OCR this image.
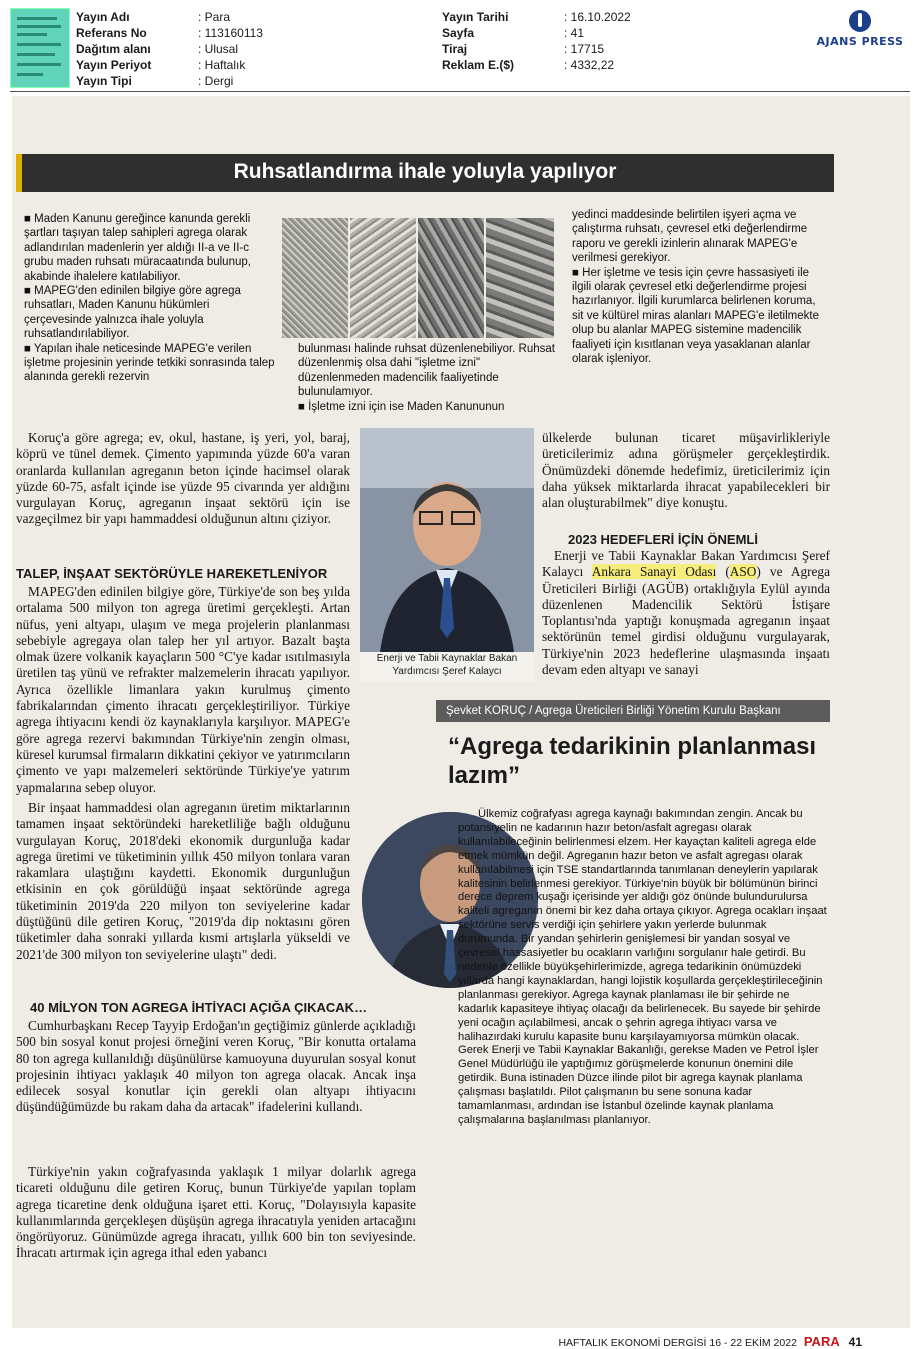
Yayın Adı	: Para
Referans No	: 113160113
Dağıtım alanı	: Ulusal
Yayın Periyot	: Haftalık
Yayın Tipi	: Dergi
Yayın Tarihi	: 16.10.2022
Sayfa	: 41
Tiraj	: 17715
Reklam E.($)	: 4332,22
AJANS PRESS
Ruhsatlandırma ihale yoluyla yapılıyor
■ Maden Kanunu gereğince kanunda gerekli şartları taşıyan talep sahipleri agrega olarak adlandırılan madenlerin yer aldığı II-a ve II-c grubu maden ruhsatı müracaatında bulunup, akabinde ihalelere katılabiliyor.
■ MAPEG'den edinilen bilgiye göre agrega ruhsatları, Maden Kanunu hükümleri çerçevesinde yalnızca ihale yoluyla ruhsatlandırılabiliyor.
■ Yapılan ihale neticesinde MAPEG'e verilen işletme projesinin yerinde tetkiki sonrasında talep alanında gerekli rezervin
bulunması halinde ruhsat düzenlenebiliyor. Ruhsat düzenlenmiş olsa dahi "işletme izni" düzenlenmeden madencilik faaliyetinde bulunulamıyor.
■ İşletme izni için ise Maden Kanununun
yedinci maddesinde belirtilen işyeri açma ve çalıştırma ruhsatı, çevresel etki değerlendirme raporu ve gerekli izinlerin alınarak MAPEG'e verilmesi gerekiyor.
■ Her işletme ve tesis için çevre hassasiyeti ile ilgili olarak çevresel etki değerlendirme projesi hazırlanıyor. İlgili kurumlarca belirlenen koruma, sit ve kültürel miras alanları MAPEG'e iletilmekte olup bu alanlar MAPEG sistemine madencilik faaliyeti için kısıtlanan veya yasaklanan alanlar olarak işleniyor.

Koruç'a göre agrega; ev, okul, hastane, iş yeri, yol, baraj, köprü ve tünel demek. Çimento yapımında yüzde 60'a varan oranlarda kullanılan agreganın beton içinde hacimsel olarak yüzde 60-75, asfalt içinde ise yüzde 95 civarında yer aldığını vurgulayan Koruç, agreganın inşaat sektörü için ise vazgeçilmez bir yapı hammaddesi olduğunun altını çiziyor.

TALEP, İNŞAAT SEKTÖRÜYLE HAREKETLENİYOR

MAPEG'den edinilen bilgiye göre, Türkiye'de son beş yılda ortalama 500 milyon ton agrega üretimi gerçekleşti. Artan nüfus, yeni altyapı, ulaşım ve mega projelerin planlanması sebebiyle agregaya olan talep her yıl artıyor. Bazalt başta olmak üzere volkanik kayaçların 500 °C'ye kadar ısıtılmasıyla üretilen taş yünü ve refrakter malzemelerin ihracatı yapılıyor. Ayrıca özellikle limanlara yakın kurulmuş çimento fabrikalarından çimento ihracatı gerçekleştiriliyor. Türkiye agrega ihtiyacını kendi öz kaynaklarıyla karşılıyor. MAPEG'e göre agrega rezervi bakımından Türkiye'nin zengin olması, küresel kurumsal firmaların dikkatini çekiyor ve yatırımcıların çimento ve yapı malzemeleri sektöründe Türkiye'ye yatırım yapmalarına sebep oluyor.

Bir inşaat hammaddesi olan agreganın üretim miktarlarının tamamen inşaat sektöründeki hareketliliğe bağlı olduğunu vurgulayan Koruç, 2018'deki ekonomik durgunluğa kadar agrega üretimi ve tüketiminin yıllık 450 milyon tonlara varan rakamlara ulaştığını kaydetti. Ekonomik durgunluğun etkisinin en çok görüldüğü inşaat sektöründe agrega tüketiminin 2019'da 220 milyon ton seviyelerine kadar düştüğünü dile getiren Koruç, "2019'da dip noktasını gören tüketimler daha sonraki yıllarda kısmi artışlarla yükseldi ve 2021'de 300 milyon ton seviyelerine ulaştı" dedi.

40 MİLYON TON AGREGA İHTİYACI AÇIĞA ÇIKACAK…

Cumhurbaşkanı Recep Tayyip Erdoğan'ın geçtiğimiz günlerde açıkladığı 500 bin sosyal konut projesi örneğini veren Koruç, "Bir konutta ortalama 80 ton agrega kullanıldığı düşünülürse kamuoyuna duyurulan sosyal konut projesinin ihtiyacı yaklaşık 40 milyon ton agrega olacak. Ancak inşa edilecek sosyal konutlar için gerekli olan altyapı ihtiyacını düşündüğümüzde bu rakam daha da artacak" ifadelerini kullandı.

Türkiye'nin yakın coğrafyasında yaklaşık 1 milyar dolarlık agrega ticareti olduğunu dile getiren Koruç, bunun Türkiye'de yapılan toplam agrega ticaretine denk olduğuna işaret etti. Koruç, "Dolayısıyla kapasite kullanımlarında gerçekleşen düşüşün agrega ihracatıyla yeniden artacağını öngörüyoruz. Günümüzde agrega ihracatı, yıllık 600 bin ton seviyesinde. İhracatı artırmak için agrega ithal eden yabancı

Enerji ve Tabii Kaynaklar Bakan Yardımcısı Şeref Kalaycı

ülkelerde bulunan ticaret müşavirlikleriyle üreticilerimiz adına görüşmeler gerçekleştirdik. Önümüzdeki dönemde hedefimiz, üreticilerimiz için daha yüksek miktarlarda ihracat yapabilecekleri bir alan oluşturabilmek" diye konuştu.

2023 HEDEFLERİ İÇİN ÖNEMLİ

Enerji ve Tabii Kaynaklar Bakan Yardımcısı Şeref Kalaycı Ankara Sanayi Odası (ASO) ve Agrega Üreticileri Birliği (AGÜB) ortaklığıyla Eylül ayında düzenlenen Madencilik Sektörü İstişare Toplantısı'nda yaptığı konuşmada agreganın inşaat sektörünün temel girdisi olduğunu vurgulayarak, Türkiye'nin 2023 hedeflerine ulaşmasında inşaatı devam eden altyapı ve sanayi

Şevket KORUÇ / Agrega Üreticileri Birliği Yönetim Kurulu Başkanı
“Agrega tedarikinin planlanması lazım”
Ülkemiz coğrafyası agrega kaynağı bakımından zengin. Ancak bu potansiyelin ne kadarının hazır beton/asfalt agregası olarak kullanılabileceğinin belirlenmesi elzem. Her kayaçtan kaliteli agrega elde etmek mümkün değil. Agreganın hazır beton ve asfalt agregası olarak kullanılabilmesi için TSE standartlarında tanımlanan deneylerin yapılarak kalitesinin belirlenmesi gerekiyor. Türkiye'nin büyük bir bölümünün birinci derece deprem kuşağı içerisinde yer aldığı göz önünde bulundurulursa kaliteli agreganın önemi bir kez daha ortaya çıkıyor. Agrega ocakları inşaat sektörüne servis verdiği için şehirlere yakın yerlerde bulunmak durumunda. Bir yandan şehirlerin genişlemesi bir yandan sosyal ve çevresel hassasiyetler bu ocakların varlığını sorgulanır hale getirdi. Bu nedenle özellikle büyükşehirlerimizde, agrega tedarikinin önümüzdeki yıllarda hangi kaynaklardan, hangi lojistik koşullarda gerçekleştirileceğinin planlanması gerekiyor. Agrega kaynak planlaması ile bir şehirde ne kadarlık kapasiteye ihtiyaç olacağı da belirlenecek. Bu sayede bir şehirde yeni ocağın açılabilmesi, ancak o şehrin agrega ihtiyacı varsa ve halihazırdaki kurulu kapasite bunu karşılayamıyorsa mümkün olacak. Gerek Enerji ve Tabii Kaynaklar Bakanlığı, gerekse Maden ve Petrol İşler Genel Müdürlüğü ile yaptığımız görüşmelerde konunun önemini dile getirdik. Buna istinaden Düzce ilinde pilot bir agrega kaynak planlama çalışması başlatıldı. Pilot çalışmanın bu sene sonuna kadar tamamlanması, ardından ise İstanbul özelinde kaynak planlama çalışmalarına başlanılması planlanıyor.
HAFTALIK EKONOMİ DERGİSİ 16 - 22 EKİM 2022 PARA 41
